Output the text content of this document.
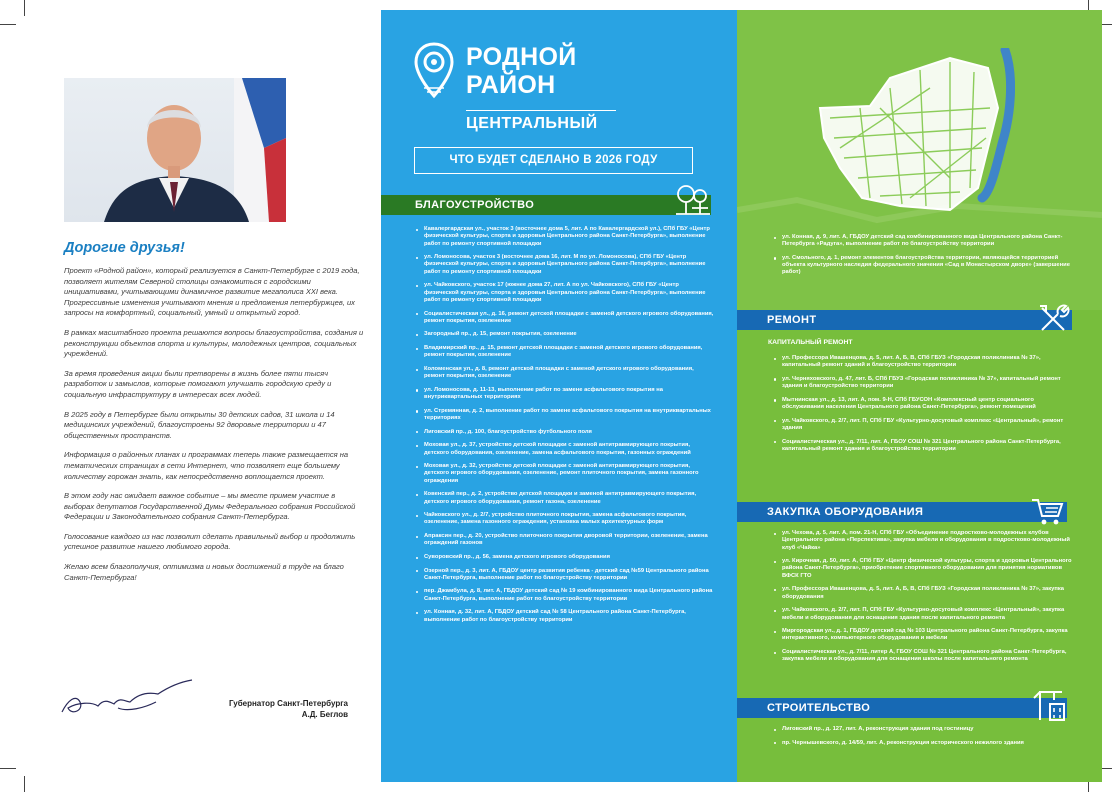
Дорогие друзья!

Проект «Родной район», который реализуется в Санкт-Петербурге с 2019 года, позволяет жителям Северной столицы ознакомиться с городскими инициативами, учитывающими динамичное развитие мегаполиса XXI века. Прогрессивные изменения учитывают мнения и предложения петербуржцев, их запросы на комфортный, социальный, умный и открытый город.

В рамках масштабного проекта решаются вопросы благоустройства, создания и реконструкции объектов спорта и культуры, молодежных центров, социальных учреждений.

За время проведения акции были претворены в жизнь более пяти тысяч разработок и замыслов, которые помогают улучшать городскую среду и социальную инфраструктуру в интересах всех людей.

В 2025 году в Петербурге были открыты 30 детских садов, 31 школа и 14 медицинских учреждений, благоустроены 92 дворовые территории и 47 общественных пространств.

Информация о районных планах и программах теперь также размещается на тематических страницах в сети Интернет, что позволяет еще большему количеству горожан знать, как непосредственно воплощается проект.

В этом году нас ожидает важное событие – мы вместе примем участие в выборах депутатов Государственной Думы Федерального собрания Российской Федерации и Законодательного собрания Санкт-Петербурга.

Голосование каждого из нас позволит сделать правильный выбор и продолжить успешное развитие нашего любимого города.

Желаю всем благополучия, оптимизма и новых достижений в труде на благо Санкт-Петербурга!

Губернатор Санкт-Петербурга
А.Д. Беглов
РОДНОЙ
РАЙОН
ЦЕНТРАЛЬНЫЙ
ЧТО БУДЕТ СДЕЛАНО В 2026 ГОДУ
БЛАГОУСТРОЙСТВО
Кавалергардская ул., участок 3 (восточнее дома 5, лит. А по Кавалергардской ул.), СПб ГБУ «Центр физической культуры, спорта и здоровья Центрального района Санкт-Петербурга», выполнение работ по ремонту спортивной площадки
ул. Ломоносова, участок 3 (восточнее дома 16, лит. М по ул. Ломоносова), СПб ГБУ «Центр физической культуры, спорта и здоровья Центрального района Санкт-Петербурга», выполнение работ по ремонту спортивной площадки
ул. Чайковского, участок 17 (южнее дома 27, лит. А по ул. Чайковского), СПб ГБУ «Центр физической культуры, спорта и здоровья Центрального района Санкт-Петербурга», выполнение работ по ремонту спортивной площадки
Социалистическая ул., д. 16, ремонт детской площадки с заменой детского игрового оборудования, ремонт покрытия, озеленение
Загородный пр., д. 15, ремонт покрытия, озеленение
Владимирский пр., д. 15, ремонт детской площадки с заменой детского игрового оборудования, ремонт покрытия, озеленение
Коломенская ул., д. 8, ремонт детской площадки с заменой детского игрового оборудования, ремонт покрытия, озеленение
ул. Ломоносова, д. 11-13, выполнение работ по замене асфальтового покрытия на внутриквартальных территориях
ул. Стремянная, д. 2, выполнение работ по замене асфальтового покрытия на внутриквартальных территориях
Лиговский пр., д. 100, благоустройство футбольного поля
Моховая ул., д. 37, устройство детской площадки с заменой антитравмирующего покрытия, детского оборудования, озеленение, замена асфальтового покрытия, газонных ограждений
Моховая ул., д. 32, устройство детской площадки с заменой антитравмирующего покрытия, детского игрового оборудования, озеленение, ремонт плиточного покрытия, замена газонного ограждения
Ковенский пер., д. 2, устройство детской площадки и заменой антитравмирующего покрытия, детского игрового оборудования, ремонт газона, озеленение
Чайковского ул., д. 2/7, устройство плиточного покрытия, замена асфальтового покрытия, озеленение, замена газонного ограждения, установка малых архитектурных форм
Апраксин пер., д. 20, устройство плиточного покрытия дворовой территории, озеленение, замена ограждений газонов
Суворовский пр., д. 56, замена детского игрового оборудования
Озерной пер., д. 3, лит. А, ГБДОУ центр развития ребенка - детский сад №59 Центрального района Санкт-Петербурга, выполнение работ по благоустройству территории
пер. Джамбула, д. 8, лит. А, ГБДОУ детский сад № 19 комбинированного вида Центрального района Санкт-Петербурга, выполнение работ по благоустройству территории
ул. Конная, д. 32, лит. А, ГБДОУ детский сад № 58 Центрального района Санкт-Петербурга, выполнение работ по благоустройству территории
ул. Конная, д. 9, лит. А, ГБДОУ детский сад комбинированного вида Центрального района Санкт-Петербурга «Радуга», выполнение работ по благоустройству территории
ул. Смольного, д. 1, ремонт элементов благоустройства территории, являющейся территорией объекта культурного наследия федерального значения «Сад в Монастырском дворе» (завершение работ)
РЕМОНТ
КАПИТАЛЬНЫЙ РЕМОНТ
ул. Профессора Ивашенцова, д. 5, лит. А, Б, В, СПб ГБУЗ «Городская поликлиника № 37», капитальный ремонт зданий и благоустройство территории
ул. Черняховского, д. 47, лит. Б, СПб ГБУЗ «Городская поликлиника № 37», капитальный ремонт здания и благоустройство территории
Мытнинская ул., д. 13, лит. А, пом. 9-Н, СПб ГБУСОН «Комплексный центр социального обслуживания населения Центрального района Санкт-Петербурга», ремонт помещений
ул. Чайковского, д. 2/7, лит. П, СПб ГБУ «Культурно-досуговый комплекс «Центральный», ремонт здания
Социалистическая ул., д. 7/11, лит. А, ГБОУ СОШ № 321 Центрального района Санкт-Петербурга, капитальный ремонт здания и благоустройство территории
ЗАКУПКА ОБОРУДОВАНИЯ
ул. Чехова, д. 5, лит. А, пом. 21-Н, СПб ГБУ «Объединение подростково-молодежных клубов Центрального района «Перспектива», закупка мебели и оборудования в подростково-молодежный клуб «Чайка»
ул. Кирочная, д. 50, лит. А, СПб ГБУ «Центр физической культуры, спорта и здоровья Центрального района Санкт-Петербурга», приобретение спортивного оборудования для принятия нормативов ВФСК ГТО
ул. Профессора Ивашенцова, д. 5, лит. А, Б, В, СПб ГБУЗ «Городская поликлиника № 37», закупка оборудования
ул. Чайковского, д. 2/7, лит. П, СПб ГБУ «Культурно-досуговый комплекс «Центральный», закупка мебели и оборудования для оснащения здания после капитального ремонта
Миргородская ул., д. 1, ГБДОУ детский сад № 103 Центрального района Санкт-Петербурга, закупка интерактивного, компьютерного оборудования и мебели
Социалистическая ул., д. 7/11, литер А, ГБОУ СОШ № 321 Центрального района Санкт-Петербурга, закупка мебели и оборудования для оснащения школы после капитального ремонта
СТРОИТЕЛЬСТВО
Лиговский пр., д. 127, лит. А, реконструкция здания под гостиницу
пр. Чернышевского, д. 14/59, лит. А, реконструкция исторического нежилого здания
